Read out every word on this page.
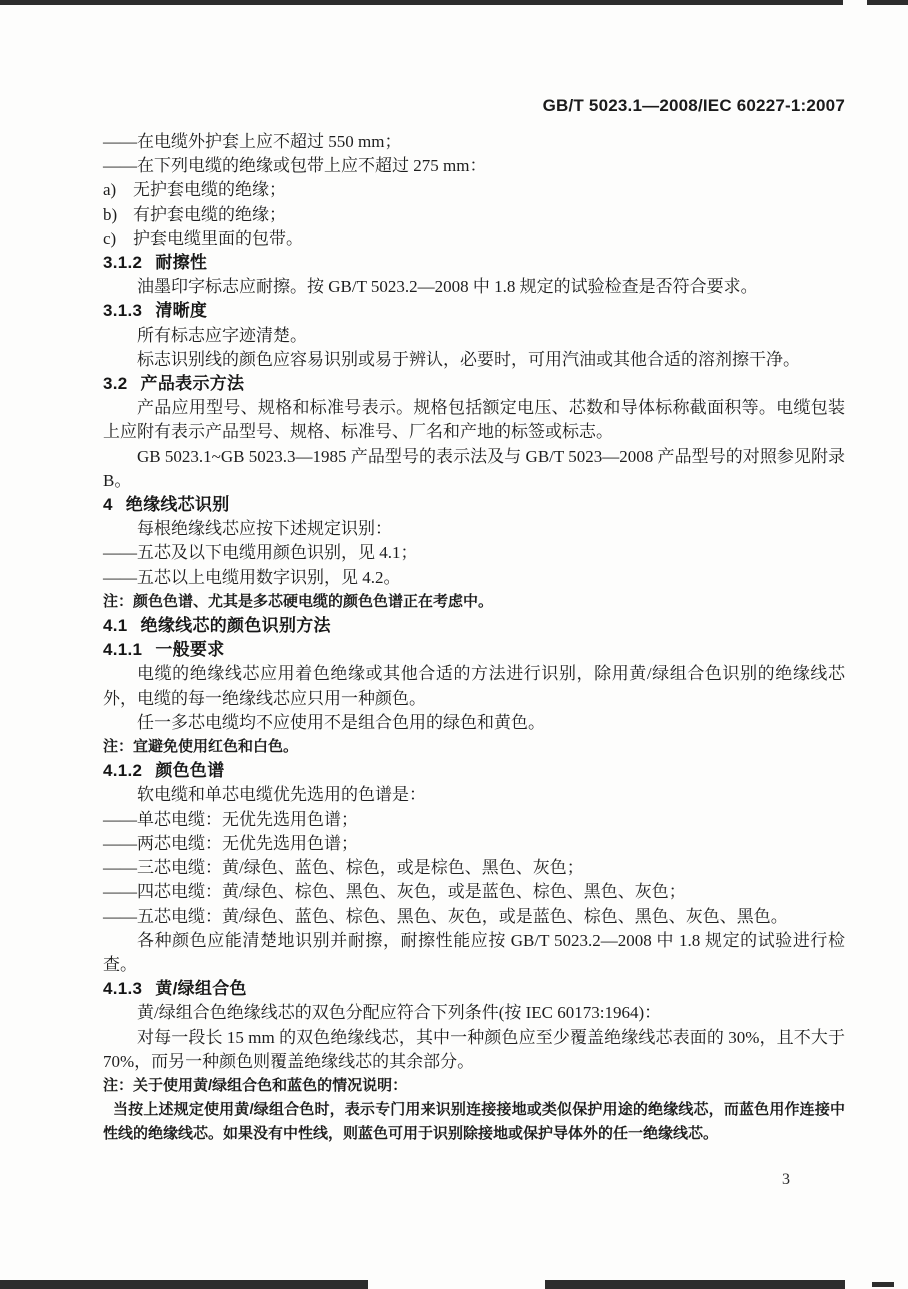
GB/T 5023.1—2008/IEC 60227-1:2007

——在电缆外护套上应不超过 550 mm；

——在下列电缆的绝缘或包带上应不超过 275 mm：

a) 无护套电缆的绝缘；

b) 有护套电缆的绝缘；

c) 护套电缆里面的包带。

3.1.2 耐擦性

油墨印字标志应耐擦。按 GB/T 5023.2—2008 中 1.8 规定的试验检查是否符合要求。

3.1.3 清晰度

所有标志应字迹清楚。

标志识别线的颜色应容易识别或易于辨认，必要时，可用汽油或其他合适的溶剂擦干净。

3.2 产品表示方法

产品应用型号、规格和标准号表示。规格包括额定电压、芯数和导体标称截面积等。电缆包装上应附有表示产品型号、规格、标准号、厂名和产地的标签或标志。

GB 5023.1~GB 5023.3—1985 产品型号的表示法及与 GB/T 5023—2008 产品型号的对照参见附录 B。

4 绝缘线芯识别

每根绝缘线芯应按下述规定识别：

——五芯及以下电缆用颜色识别，见 4.1；

——五芯以上电缆用数字识别，见 4.2。

注：颜色色谱、尤其是多芯硬电缆的颜色色谱正在考虑中。

4.1 绝缘线芯的颜色识别方法
4.1.1 一般要求

电缆的绝缘线芯应用着色绝缘或其他合适的方法进行识别，除用黄/绿组合色识别的绝缘线芯外，电缆的每一绝缘线芯应只用一种颜色。

任一多芯电缆均不应使用不是组合色用的绿色和黄色。

注：宜避免使用红色和白色。

4.1.2 颜色色谱

软电缆和单芯电缆优先选用的色谱是：

——单芯电缆：无优先选用色谱；

——两芯电缆：无优先选用色谱；

——三芯电缆：黄/绿色、蓝色、棕色，或是棕色、黑色、灰色；

——四芯电缆：黄/绿色、棕色、黑色、灰色，或是蓝色、棕色、黑色、灰色；

——五芯电缆：黄/绿色、蓝色、棕色、黑色、灰色，或是蓝色、棕色、黑色、灰色、黑色。

各种颜色应能清楚地识别并耐擦，耐擦性能应按 GB/T 5023.2—2008 中 1.8 规定的试验进行检查。

4.1.3 黄/绿组合色

黄/绿组合色绝缘线芯的双色分配应符合下列条件(按 IEC 60173:1964)：

对每一段长 15 mm 的双色绝缘线芯，其中一种颜色应至少覆盖绝缘线芯表面的 30%，且不大于 70%，而另一种颜色则覆盖绝缘线芯的其余部分。

注：关于使用黄/绿组合色和蓝色的情况说明：

当按上述规定使用黄/绿组合色时，表示专门用来识别连接接地或类似保护用途的绝缘线芯，而蓝色用作连接中性线的绝缘线芯。如果没有中性线，则蓝色可用于识别除接地或保护导体外的任一绝缘线芯。

3
